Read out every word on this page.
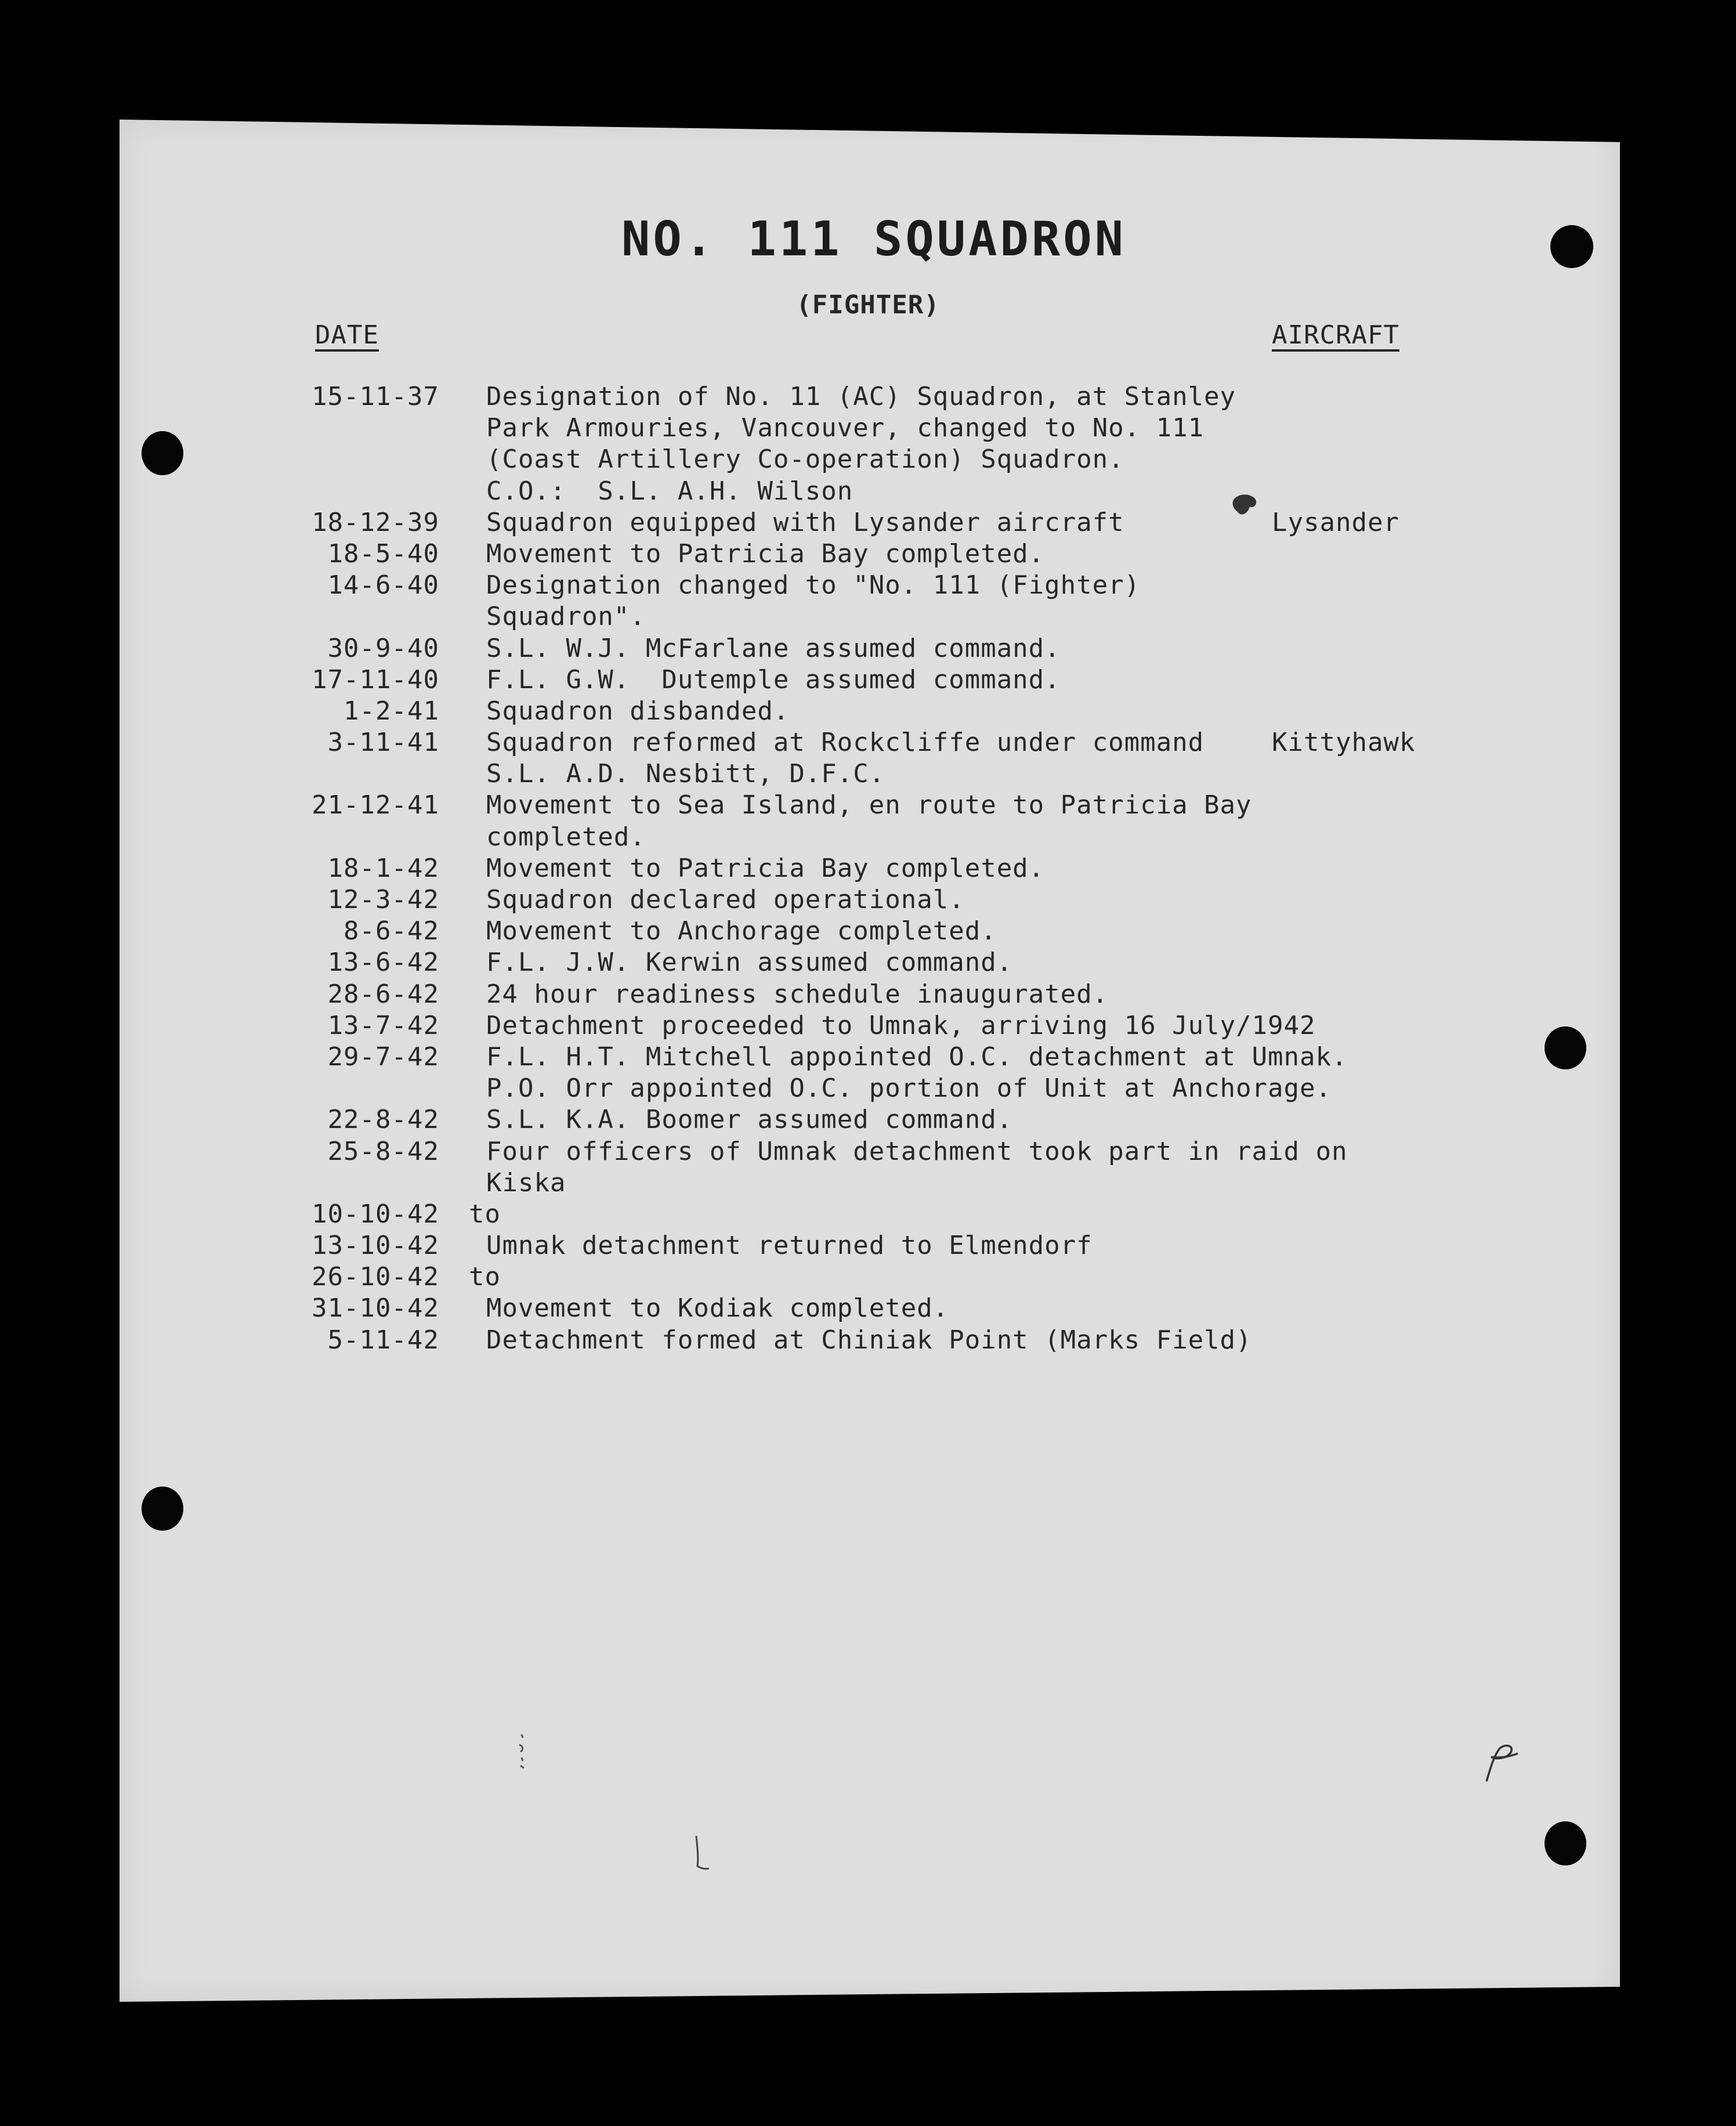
NO. 111 SQUADRON
(FIGHTER)
DATE	AIRCRAFT
15-11-37 Designation of No. 11 (AC) Squadron, at Stanley
Park Armouries, Vancouver, changed to No. 111
(Coast Artillery Co-operation) Squadron.
C.O.:  S.L. A.H. Wilson
18-12-39 Squadron equipped with Lysander aircraft	Lysander
18-5-40 Movement to Patricia Bay completed.
14-6-40 Designation changed to "No. 111 (Fighter)
Squadron".
30-9-40 S.L. W.J. McFarlane assumed command.
17-11-40 F.L. G.W.  Dutemple assumed command.
1-2-41 Squadron disbanded.
3-11-41 Squadron reformed at Rockcliffe under command	Kittyhawk
S.L. A.D. Nesbitt, D.F.C.
21-12-41 Movement to Sea Island, en route to Patricia Bay
completed.
18-1-42 Movement to Patricia Bay completed.
12-3-42 Squadron declared operational.
8-6-42 Movement to Anchorage completed.
13-6-42 F.L. J.W. Kerwin assumed command.
28-6-42 24 hour readiness schedule inaugurated.
13-7-42 Detachment proceeded to Umnak, arriving 16 July/1942
29-7-42 F.L. H.T. Mitchell appointed O.C. detachment at Umnak.
P.O. Orr appointed O.C. portion of Unit at Anchorage.
22-8-42 S.L. K.A. Boomer assumed command.
25-8-42 Four officers of Umnak detachment took part in raid on
Kiska
10-10-42 to
13-10-42 Umnak detachment returned to Elmendorf
26-10-42 to
31-10-42 Movement to Kodiak completed.
5-11-42 Detachment formed at Chiniak Point (Marks Field)
